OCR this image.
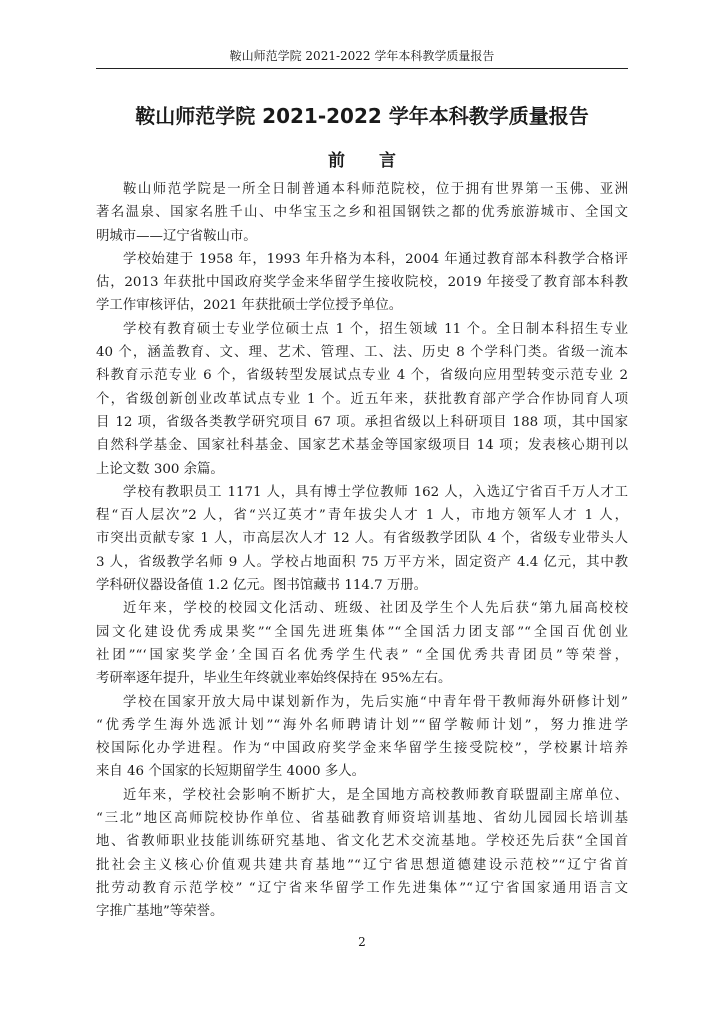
鞍山师范学院 2021-2022 学年本科教学质量报告
鞍山师范学院 2021-2022 学年本科教学质量报告
前 言
鞍山师范学院是一所全日制普通本科师范院校，位于拥有世界第一玉佛、亚洲
著名温泉、国家名胜千山、中华宝玉之乡和祖国钢铁之都的优秀旅游城市、全国文
明城市——辽宁省鞍山市。
学校始建于 1958 年，1993 年升格为本科，2004 年通过教育部本科教学合格评
估，2013 年获批中国政府奖学金来华留学生接收院校，2019 年接受了教育部本科教
学工作审核评估，2021 年获批硕士学位授予单位。
学校有教育硕士专业学位硕士点 1 个，招生领域 11 个。全日制本科招生专业
40 个，涵盖教育、文、理、艺术、管理、工、法、历史 8 个学科门类。省级一流本
科教育示范专业 6 个，省级转型发展试点专业 4 个，省级向应用型转变示范专业 2
个，省级创新创业改革试点专业 1 个。近五年来，获批教育部产学合作协同育人项
目 12 项，省级各类教学研究项目 67 项。承担省级以上科研项目 188 项，其中国家
自然科学基金、国家社科基金、国家艺术基金等国家级项目 14 项；发表核心期刊以
上论文数 300 余篇。
学校有教职员工 1171 人，具有博士学位教师 162 人，入选辽宁省百千万人才工
程“百人层次”2 人，省“兴辽英才”青年拔尖人才 1 人，市地方领军人才 1 人，
市突出贡献专家 1 人，市高层次人才 12 人。有省级教学团队 4 个，省级专业带头人
3 人，省级教学名师 9 人。学校占地面积 75 万平方米，固定资产 4.4 亿元，其中教
学科研仪器设备值 1.2 亿元。图书馆藏书 114.7 万册。
近年来，学校的校园文化活动、班级、社团及学生个人先后获“第九届高校校
园文化建设优秀成果奖”“全国先进班集体”“全国活力团支部”“全国百优创业
社团”“‘国家奖学金’全国百名优秀学生代表” “全国优秀共青团员”等荣誉，
考研率逐年提升，毕业生年终就业率始终保持在 95%左右。
学校在国家开放大局中谋划新作为，先后实施“中青年骨干教师海外研修计划”
“优秀学生海外选派计划”“海外名师聘请计划”“留学鞍师计划”，努力推进学
校国际化办学进程。作为“中国政府奖学金来华留学生接受院校”，学校累计培养
来自 46 个国家的长短期留学生 4000 多人。
近年来，学校社会影响不断扩大，是全国地方高校教师教育联盟副主席单位、
“三北”地区高师院校协作单位、省基础教育师资培训基地、省幼儿园园长培训基
地、省教师职业技能训练研究基地、省文化艺术交流基地。学校还先后获“全国首
批社会主义核心价值观共建共育基地”“辽宁省思想道德建设示范校”“辽宁省首
批劳动教育示范学校” “辽宁省来华留学工作先进集体”“辽宁省国家通用语言文
字推广基地”等荣誉。
2
